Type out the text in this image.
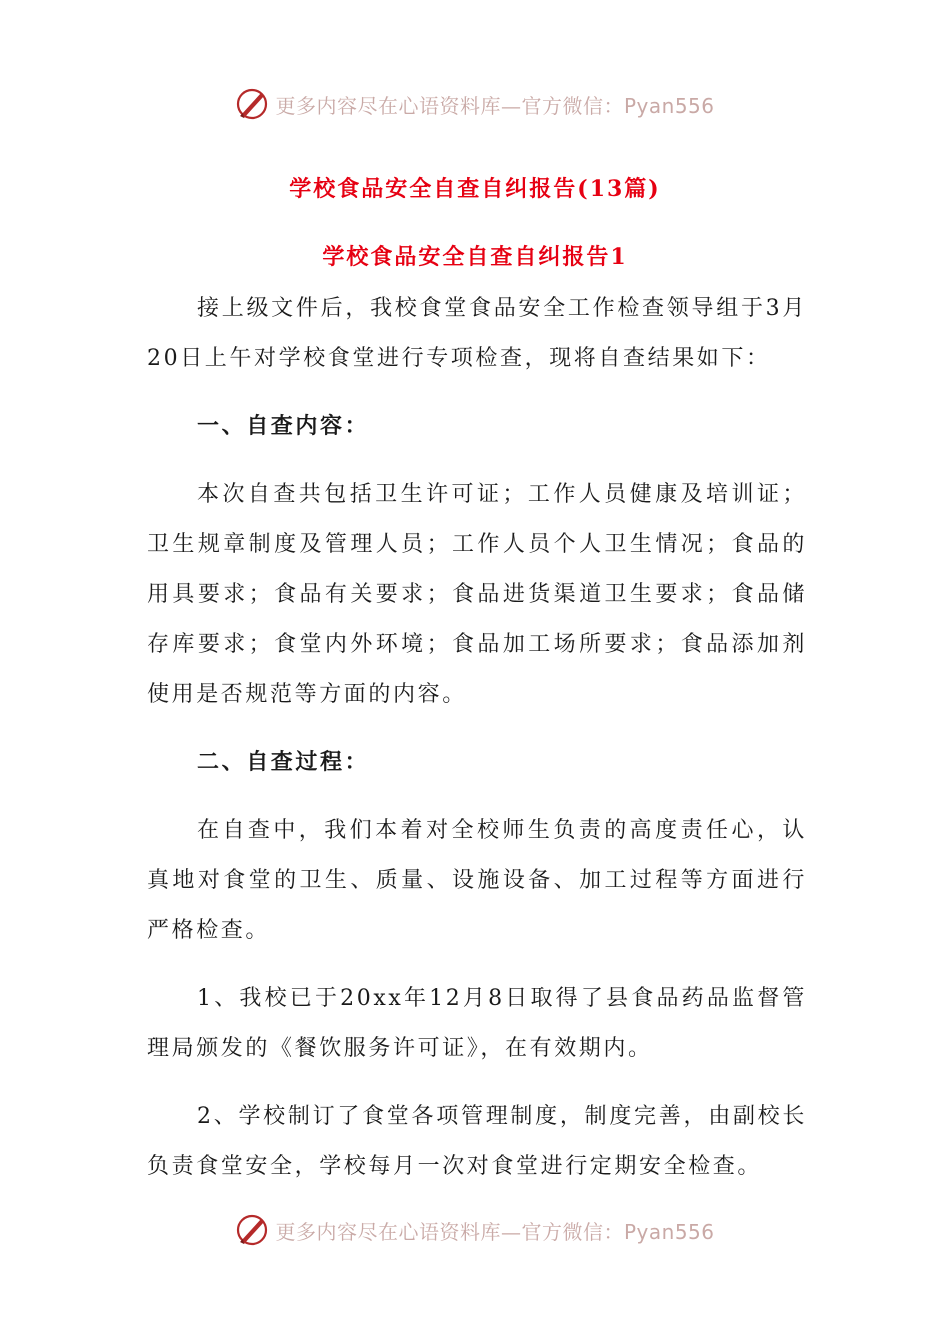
更多内容尽在心语资料库—官方微信：Pyan556
学校食品安全自查自纠报告(13篇)
学校食品安全自查自纠报告1

接上级文件后，我校食堂食品安全工作检查领导组于3月20日上午对学校食堂进行专项检查，现将自查结果如下：

一、自查内容：

本次自查共包括卫生许可证；工作人员健康及培训证；卫生规章制度及管理人员；工作人员个人卫生情况；食品的用具要求；食品有关要求；食品进货渠道卫生要求；食品储存库要求；食堂内外环境；食品加工场所要求；食品添加剂使用是否规范等方面的内容。

二、自查过程：

在自查中，我们本着对全校师生负责的高度责任心，认真地对食堂的卫生、质量、设施设备、加工过程等方面进行严格检查。

1、我校已于20xx年12月8日取得了县食品药品监督管理局颁发的《餐饮服务许可证》，在有效期内。

2、学校制订了食堂各项管理制度，制度完善，由副校长负责食堂安全，学校每月一次对食堂进行定期安全检查。

更多内容尽在心语资料库—官方微信：Pyan556
